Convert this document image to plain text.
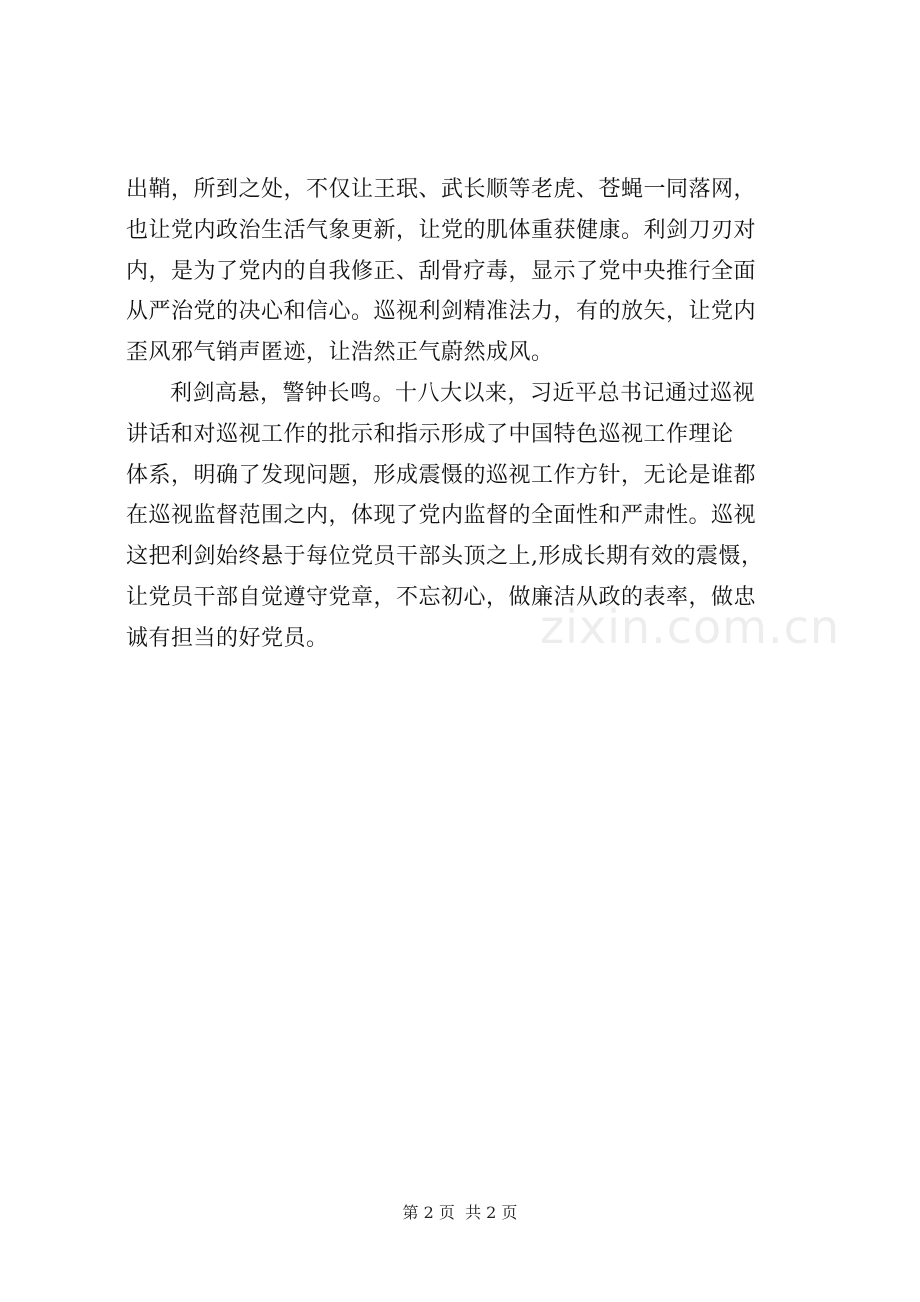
出鞘，所到之处，不仅让王珉、武长顺等老虎、苍蝇一同落网，
也让党内政治生活气象更新，让党的肌体重获健康。利剑刀刃对
内，是为了党内的自我修正、刮骨疗毒，显示了党中央推行全面
从严治党的决心和信心。巡视利剑精准法力，有的放矢，让党内
歪风邪气销声匿迹，让浩然正气蔚然成风。
利剑高悬，警钟长鸣。十八大以来，习近平总书记通过巡视
讲话和对巡视工作的批示和指示形成了中国特色巡视工作理论
体系，明确了发现问题，形成震慑的巡视工作方针，无论是谁都
在巡视监督范围之内，体现了党内监督的全面性和严肃性。巡视
这把利剑始终悬于每位党员干部头顶之上,形成长期有效的震慑，
让党员干部自觉遵守党章，不忘初心，做廉洁从政的表率，做忠
诚有担当的好党员。	zixin.com.cn
第 2 页  共 2 页
